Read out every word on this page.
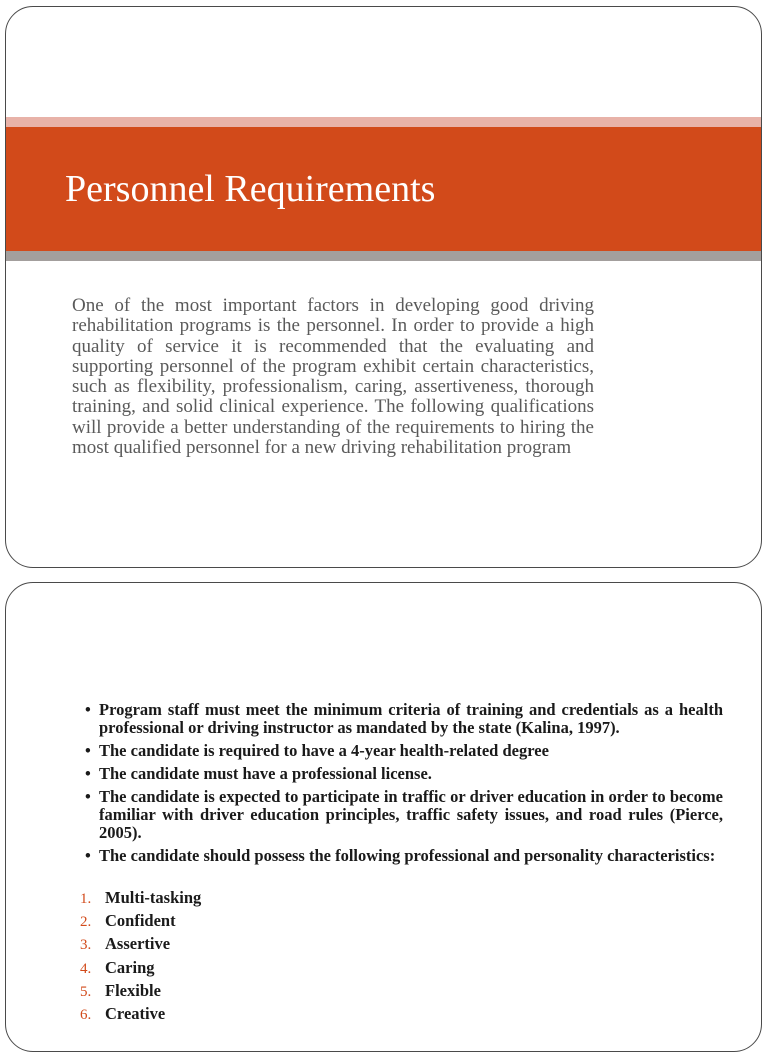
Personnel Requirements

One of the most important factors in developing good driving rehabilitation programs is the personnel. In order to provide a high quality of service it is recommended that the evaluating and supporting personnel of the program exhibit certain characteristics, such as flexibility, professionalism, caring, assertiveness, thorough training, and solid clinical experience. The following qualifications will provide a better understanding of the requirements to hiring the most qualified personnel for a new driving rehabilitation program

• Program staff must meet the minimum criteria of training and credentials as a health professional or driving instructor as mandated by the state (Kalina, 1997).
• The candidate is required to have a 4-year health-related degree
• The candidate must have a professional license.
• The candidate is expected to participate in traffic or driver education in order to become familiar with driver education principles, traffic safety issues, and road rules (Pierce, 2005).
• The candidate should possess the following professional and personality characteristics:
1. Multi-tasking
2. Confident
3. Assertive
4. Caring
5. Flexible
6. Creative
